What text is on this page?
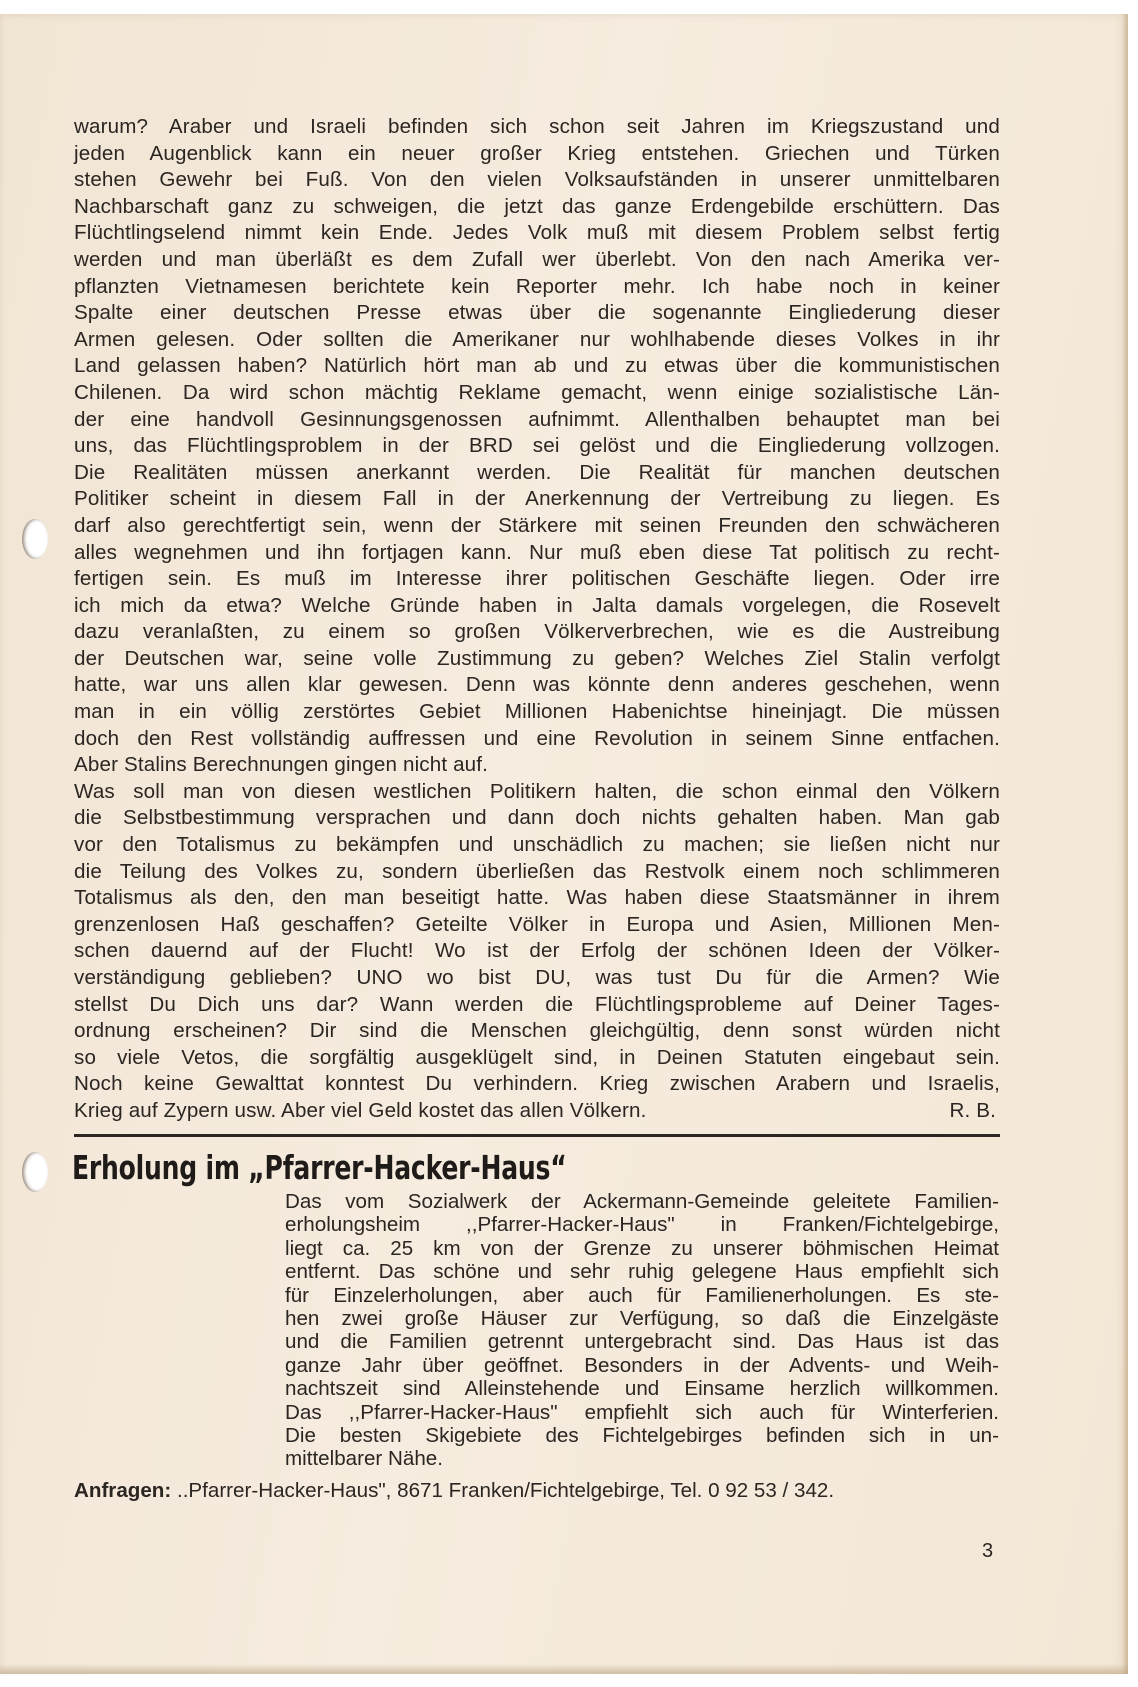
warum? Araber und Israeli befinden sich schon seit Jahren im Kriegszustand und
jeden Augenblick kann ein neuer großer Krieg entstehen. Griechen und Türken
stehen Gewehr bei Fuß. Von den vielen Volksaufständen in unserer unmittelbaren
Nachbarschaft ganz zu schweigen, die jetzt das ganze Erdengebilde erschüttern. Das
Flüchtlingselend nimmt kein Ende. Jedes Volk muß mit diesem Problem selbst fertig
werden und man überläßt es dem Zufall wer überlebt. Von den nach Amerika ver-
pflanzten Vietnamesen berichtete kein Reporter mehr. Ich habe noch in keiner
Spalte einer deutschen Presse etwas über die sogenannte Eingliederung dieser
Armen gelesen. Oder sollten die Amerikaner nur wohlhabende dieses Volkes in ihr
Land gelassen haben? Natürlich hört man ab und zu etwas über die kommunistischen
Chilenen. Da wird schon mächtig Reklame gemacht, wenn einige sozialistische Län-
der eine handvoll Gesinnungsgenossen aufnimmt. Allenthalben behauptet man bei
uns, das Flüchtlingsproblem in der BRD sei gelöst und die Eingliederung vollzogen.
Die Realitäten müssen anerkannt werden. Die Realität für manchen deutschen
Politiker scheint in diesem Fall in der Anerkennung der Vertreibung zu liegen. Es
darf also gerechtfertigt sein, wenn der Stärkere mit seinen Freunden den schwächeren
alles wegnehmen und ihn fortjagen kann. Nur muß eben diese Tat politisch zu recht-
fertigen sein. Es muß im Interesse ihrer politischen Geschäfte liegen. Oder irre
ich mich da etwa? Welche Gründe haben in Jalta damals vorgelegen, die Rosevelt
dazu veranlaßten, zu einem so großen Völkerverbrechen, wie es die Austreibung
der Deutschen war, seine volle Zustimmung zu geben? Welches Ziel Stalin verfolgt
hatte, war uns allen klar gewesen. Denn was könnte denn anderes geschehen, wenn
man in ein völlig zerstörtes Gebiet Millionen Habenichtse hineinjagt. Die müssen
doch den Rest vollständig auffressen und eine Revolution in seinem Sinne entfachen.
Aber Stalins Berechnungen gingen nicht auf.
Was soll man von diesen westlichen Politikern halten, die schon einmal den Völkern
die Selbstbestimmung versprachen und dann doch nichts gehalten haben. Man gab
vor den Totalismus zu bekämpfen und unschädlich zu machen; sie ließen nicht nur
die Teilung des Volkes zu, sondern überließen das Restvolk einem noch schlimmeren
Totalismus als den, den man beseitigt hatte. Was haben diese Staatsmänner in ihrem
grenzenlosen Haß geschaffen? Geteilte Völker in Europa und Asien, Millionen Men-
schen dauernd auf der Flucht! Wo ist der Erfolg der schönen Ideen der Völker-
verständigung geblieben? UNO wo bist DU, was tust Du für die Armen? Wie
stellst Du Dich uns dar? Wann werden die Flüchtlingsprobleme auf Deiner Tages-
ordnung erscheinen? Dir sind die Menschen gleichgültig, denn sonst würden nicht
so viele Vetos, die sorgfältig ausgeklügelt sind, in Deinen Statuten eingebaut sein.
Noch keine Gewalttat konntest Du verhindern. Krieg zwischen Arabern und Israelis,
Krieg auf Zypern usw. Aber viel Geld kostet das allen Völkern.	R. B.
Erholung im „Pfarrer-Hacker-Haus“
Das vom Sozialwerk der Ackermann-Gemeinde geleitete Familien-
erholungsheim ,,Pfarrer-Hacker-Haus" in Franken/Fichtelgebirge,
liegt ca. 25 km von der Grenze zu unserer böhmischen Heimat
entfernt. Das schöne und sehr ruhig gelegene Haus empfiehlt sich
für Einzelerholungen, aber auch für Familienerholungen. Es ste-
hen zwei große Häuser zur Verfügung, so daß die Einzelgäste
und die Familien getrennt untergebracht sind. Das Haus ist das
ganze Jahr über geöffnet. Besonders in der Advents- und Weih-
nachtszeit sind Alleinstehende und Einsame herzlich willkommen.
Das ,,Pfarrer-Hacker-Haus" empfiehlt sich auch für Winterferien.
Die besten Skigebiete des Fichtelgebirges befinden sich in un-
mittelbarer Nähe.
Anfragen: ..Pfarrer-Hacker-Haus", 8671 Franken/Fichtelgebirge, Tel. 0 92 53 / 342.
3
